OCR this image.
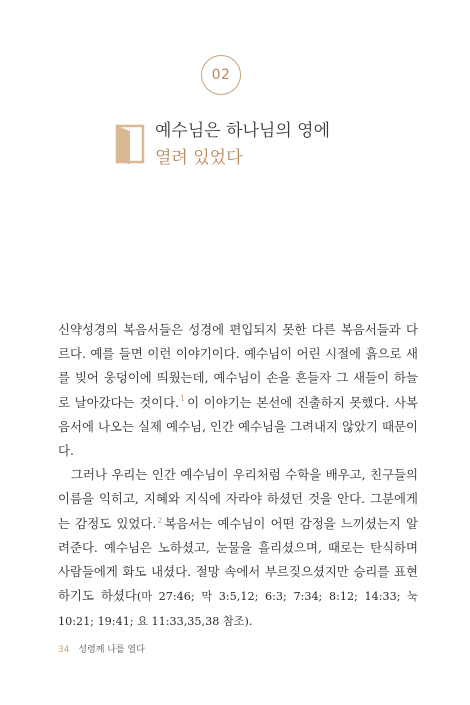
02
예수님은 하나님의 영에
열려 있었다

신약성경의 복음서들은 성경에 편입되지 못한 다른 복음서들과 다르다. 예를 들면 이런 이야기이다. 예수님이 어린 시절에 흙으로 새를 빚어 웅덩이에 띄웠는데, 예수님이 손을 흔들자 그 새들이 하늘로 날아갔다는 것이다.$^1$ 이 이야기는 본선에 진출하지 못했다. 사복음서에 나오는 실제 예수님, 인간 예수님을 그려내지 않았기 때문이다.

그러나 우리는 인간 예수님이 우리처럼 수학을 배우고, 친구들의 이름을 익히고, 지혜와 지식에 자라야 하셨던 것을 안다. 그분에게는 감정도 있었다.$^2$ 복음서는 예수님이 어떤 감정을 느끼셨는지 알려준다. 예수님은 노하셨고, 눈물을 흘리셨으며, 때로는 탄식하며 사람들에게 화도 내셨다. 절망 속에서 부르짖으셨지만 승리를 표현하기도 하셨다(마 27:46; 막 3:5,12; 6:3; 7:34; 8:12; 14:33; 눅 10:21; 19:41; 요 11:33,35,38 참조).

34 성령께 나를 열다
